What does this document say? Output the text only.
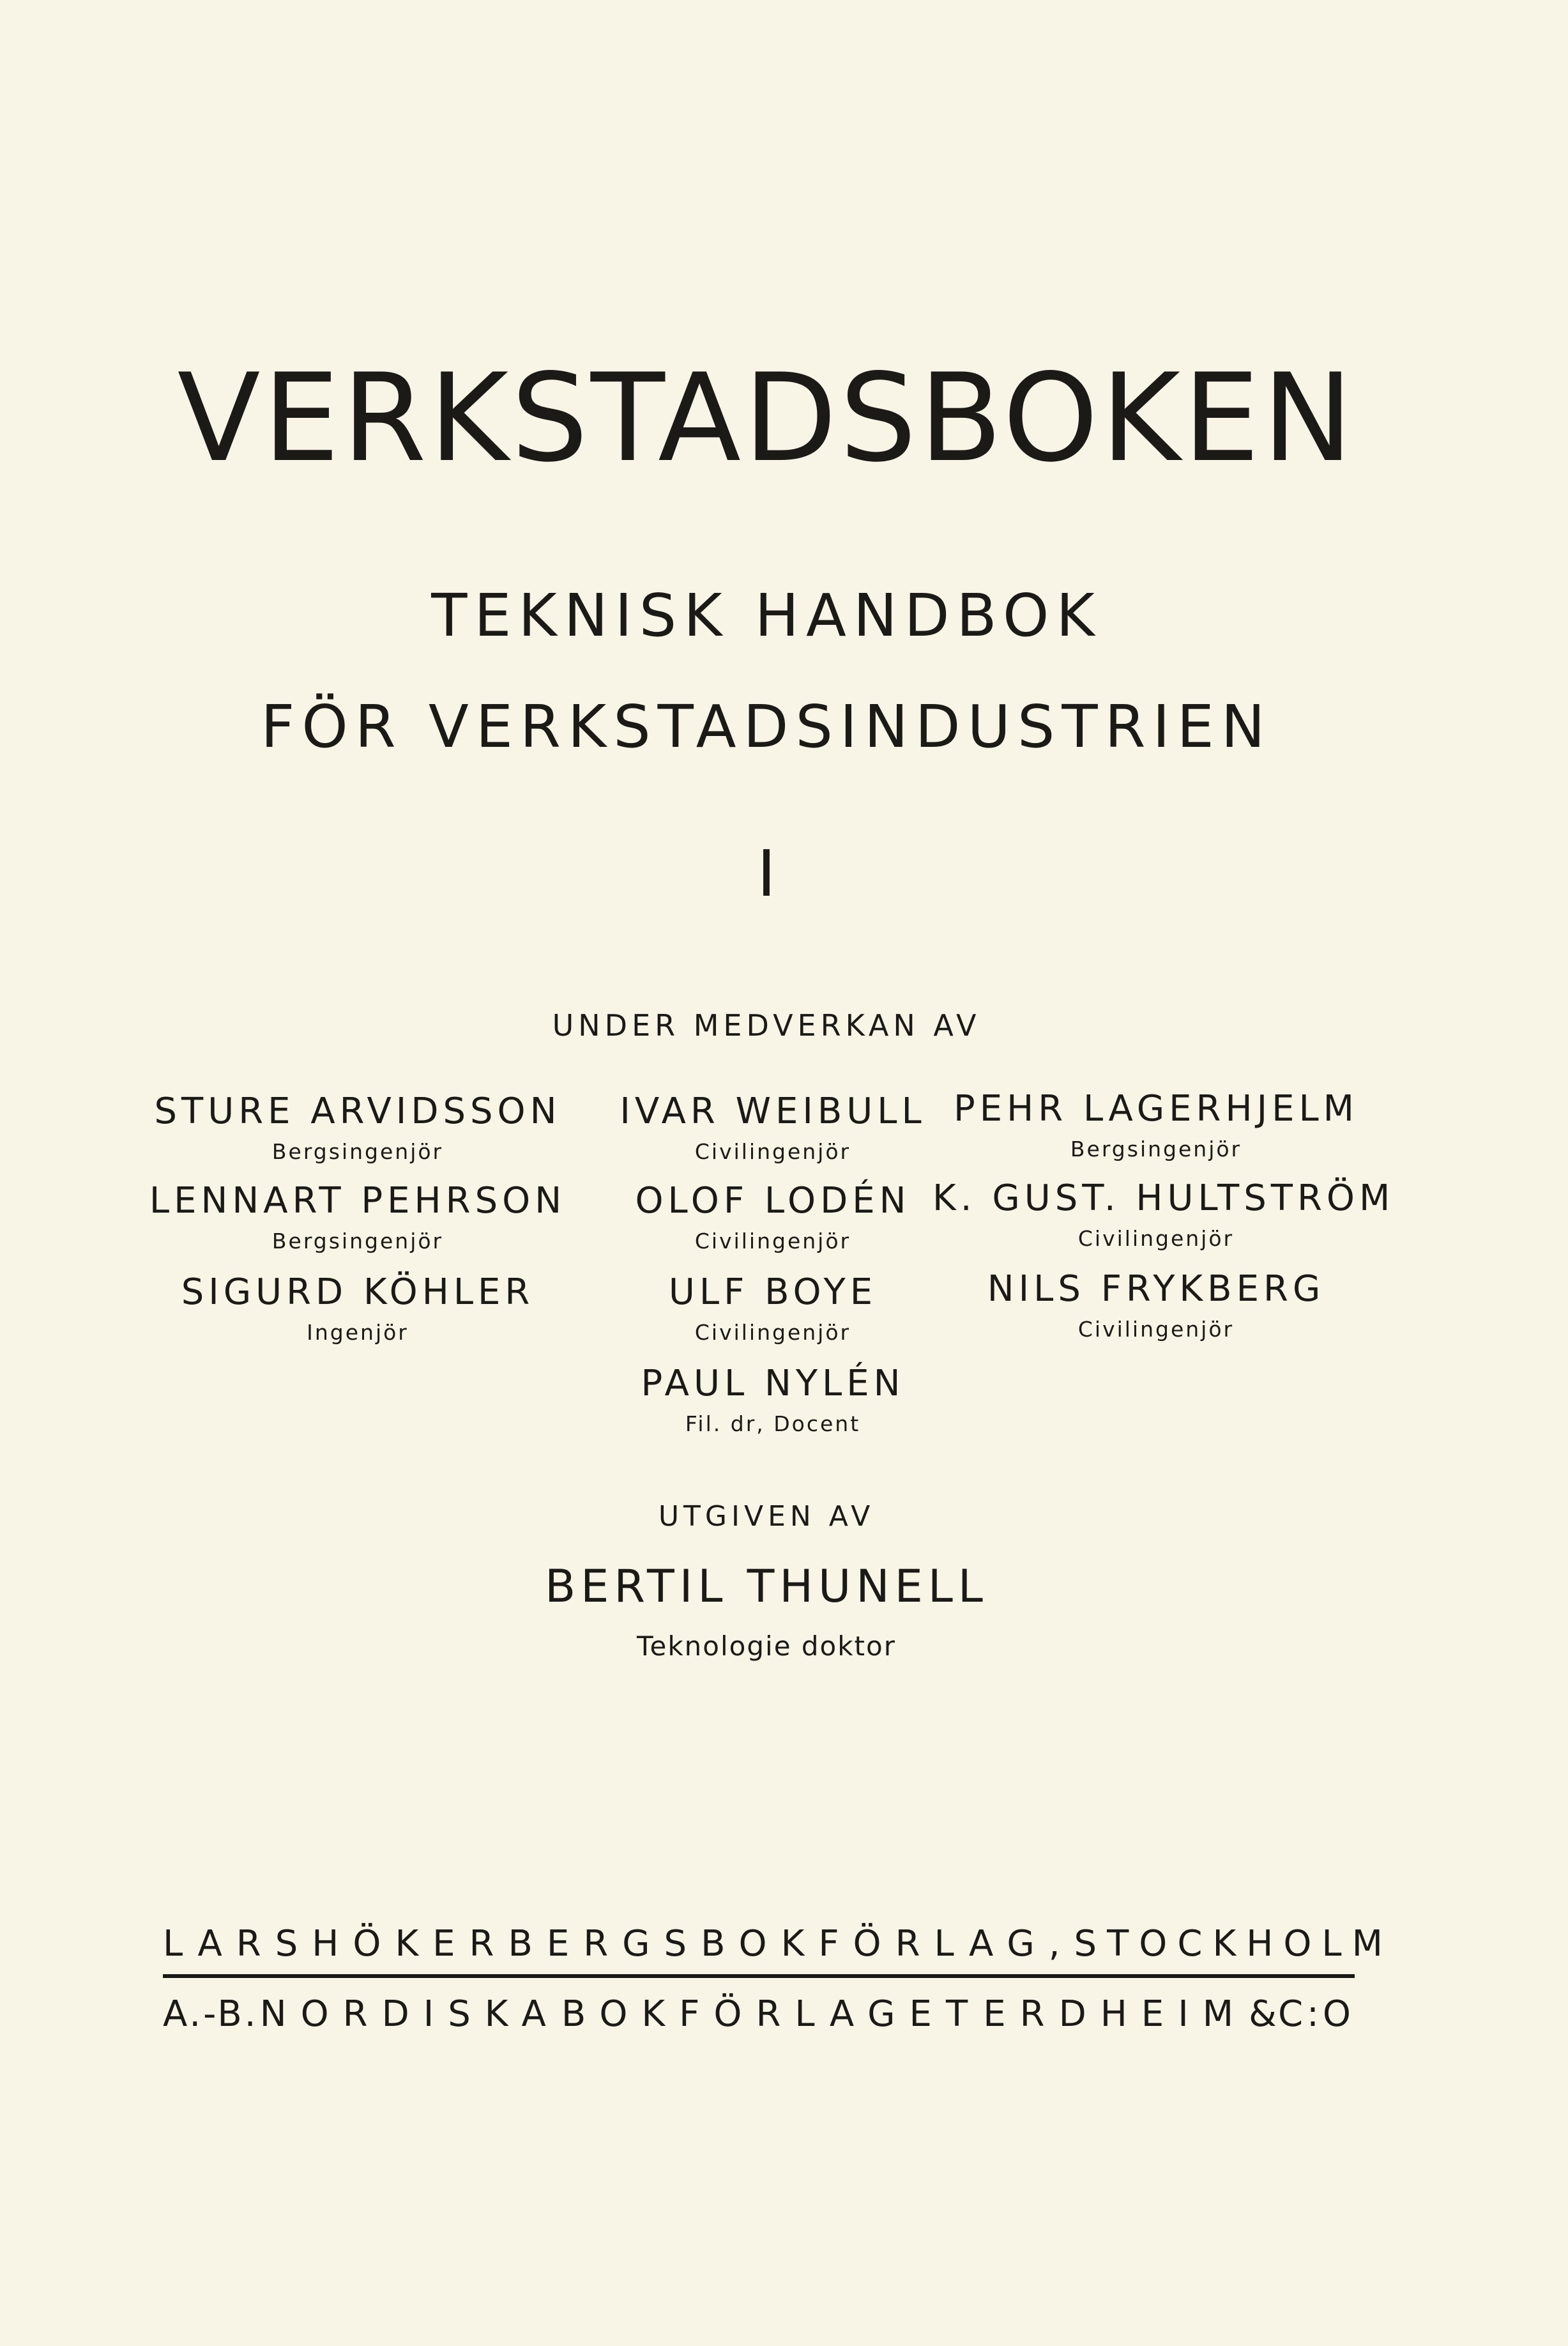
VERKSTADSBOKEN
TEKNISK HANDBOK
FÖR VERKSTADSINDUSTRIEN
I
UNDER MEDVERKAN AV
STURE ARVIDSSON
Bergsingenjör
LENNART PEHRSON
Bergsingenjör
SIGURD KÖHLER
Ingenjör
IVAR WEIBULL
Civilingenjör
OLOF LODÉN
Civilingenjör
ULF BOYE
Civilingenjör
PAUL NYLÉN
Fil. dr, Docent
PEHR LAGERHJELM
Bergsingenjör
K. GUST. HULTSTRÖM
Civilingenjör
NILS FRYKBERG
Civilingenjör
UTGIVEN AV
BERTIL THUNELL
Teknologie doktor
LARS HÖKERBERGS BOKFÖRLAG, STOCKHOLM
A.-B. NORDISKA BOKFÖRLAGET ERDHEIM & C:O
